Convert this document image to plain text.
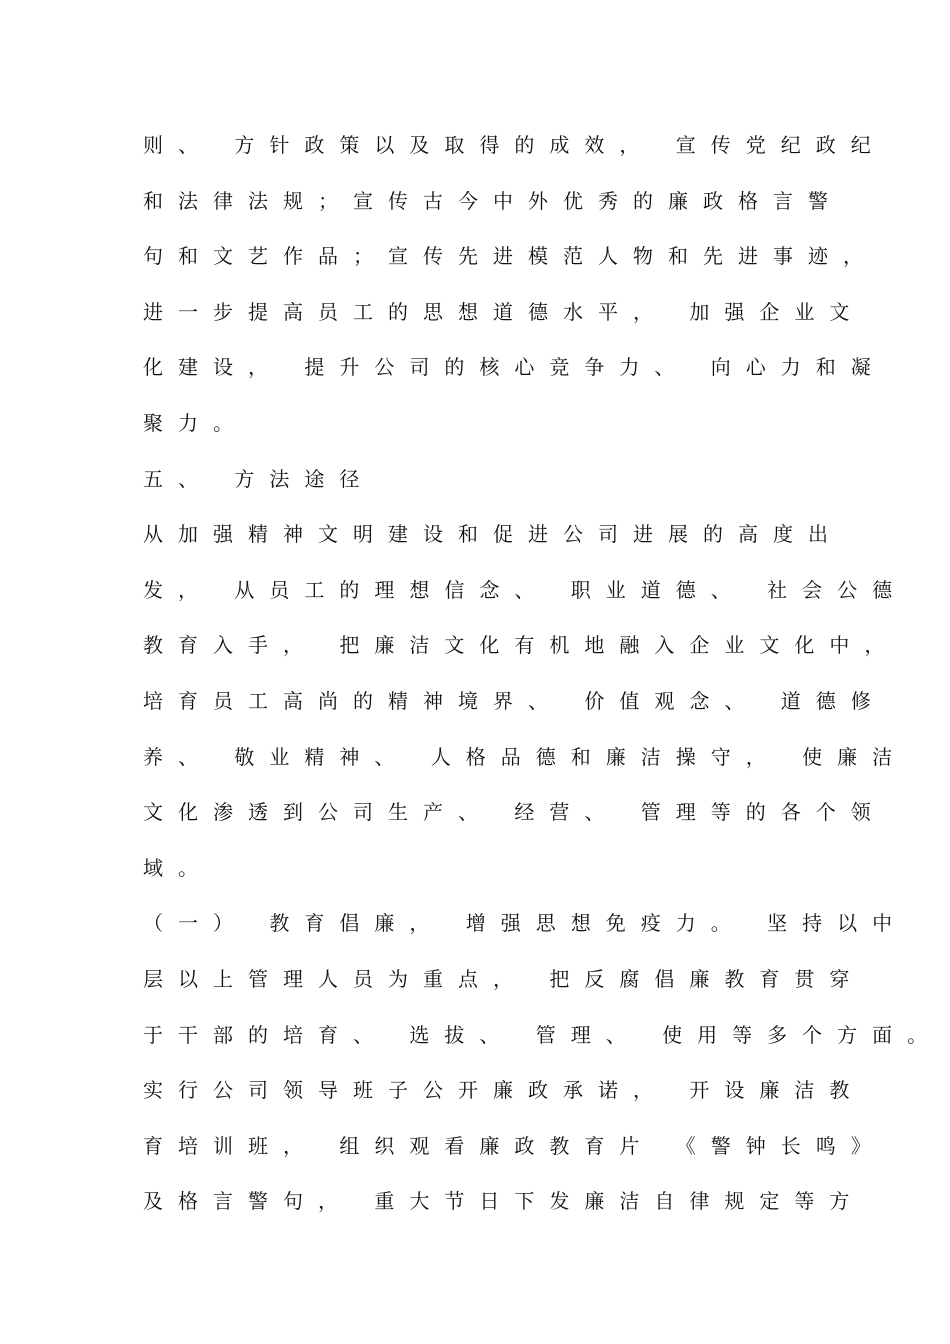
则、 方针政策以及取得的成效， 宣传党纪政纪
和法律法规；宣传古今中外优秀的廉政格言警
句和文艺作品；宣传先进模范人物和先进事迹，
进一步提高员工的思想道德水平， 加强企业文
化建设， 提升公司的核心竞争力、 向心力和凝
聚力。
五、 方法途径
从加强精神文明建设和促进公司进展的高度出
发， 从员工的理想信念、 职业道德、 社会公德
教育入手， 把廉洁文化有机地融入企业文化中，
培育员工高尚的精神境界、 价值观念、 道德修
养、 敬业精神、 人格品德和廉洁操守， 使廉洁
文化渗透到公司生产、 经营、 管理等的各个领
域。
（一） 教育倡廉， 增强思想免疫力。 坚持以中
层以上管理人员为重点， 把反腐倡廉教育贯穿
于干部的培育、 选拔、 管理、 使用等多个方面。
实行公司领导班子公开廉政承诺， 开设廉洁教
育培训班， 组织观看廉政教育片 《警钟长鸣》
及格言警句， 重大节日下发廉洁自律规定等方
